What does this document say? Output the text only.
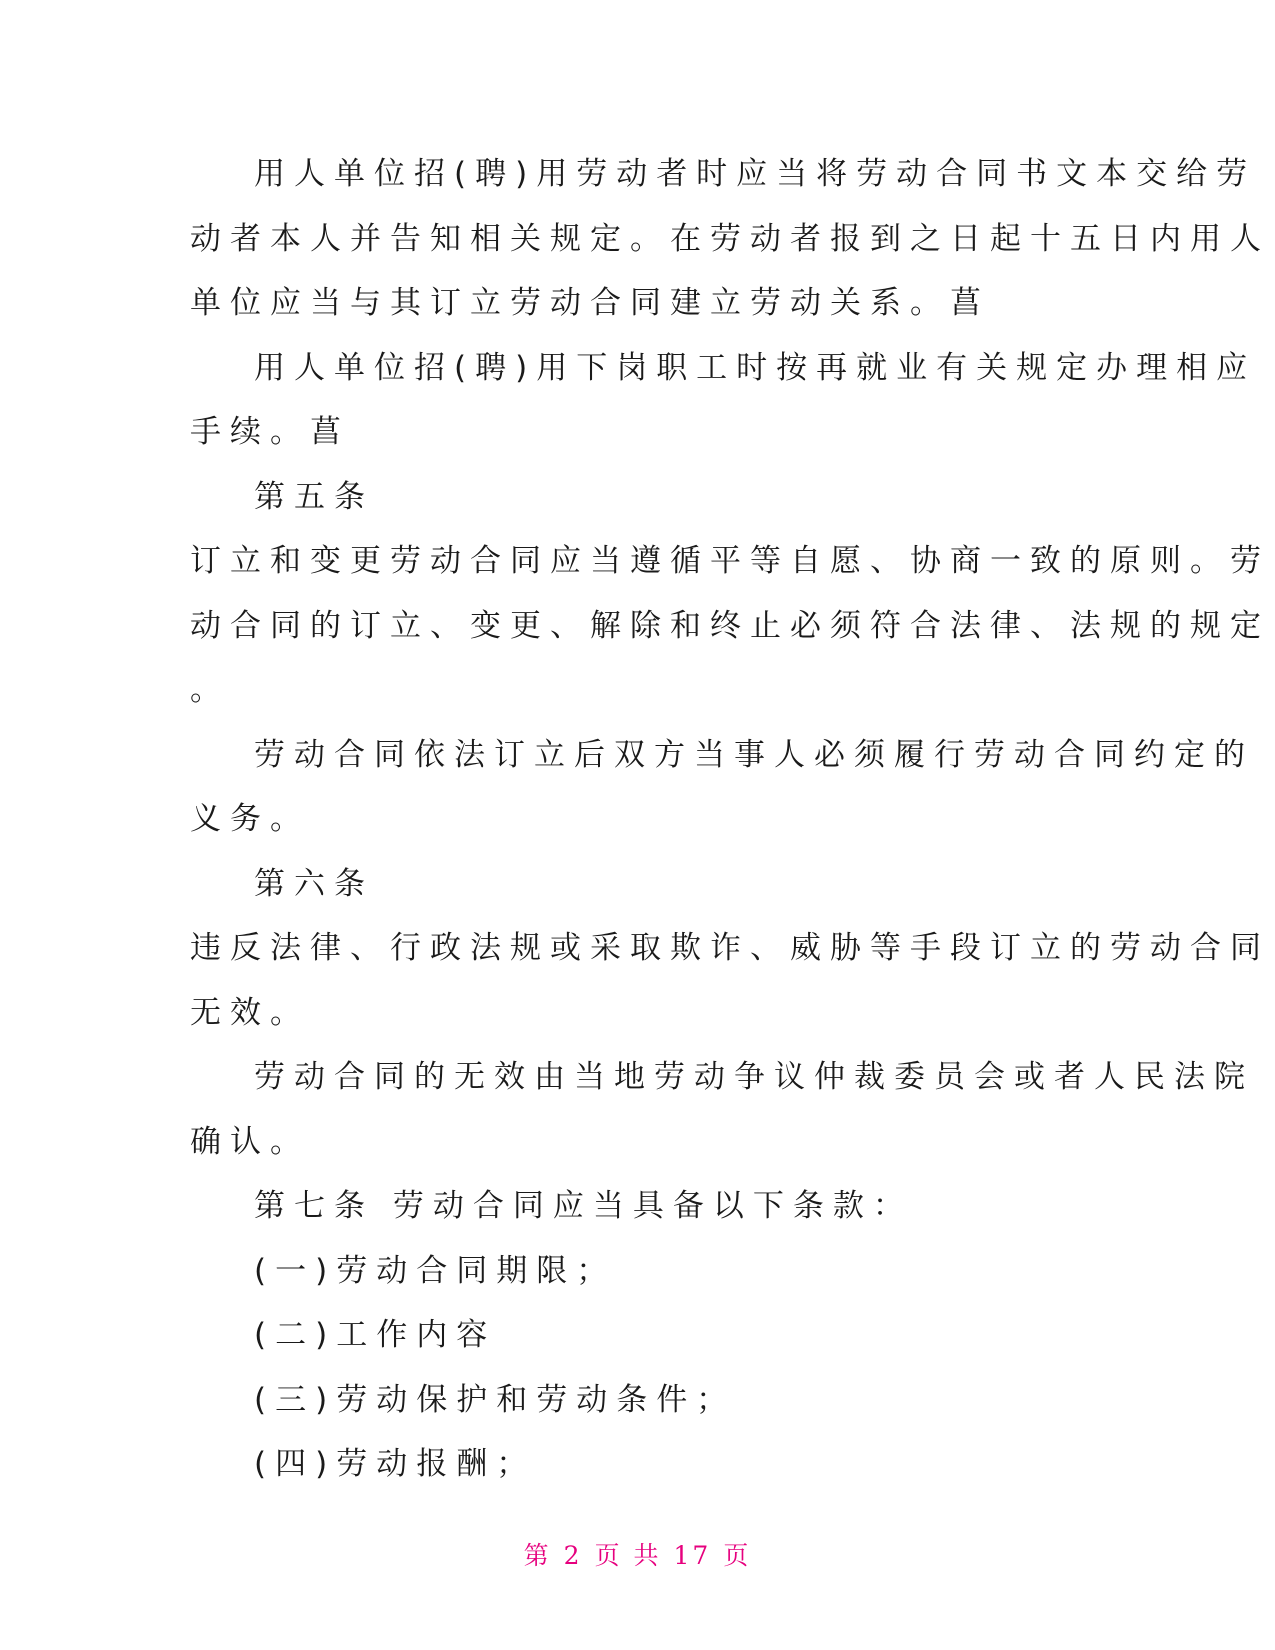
用人单位招(聘)用劳动者时应当将劳动合同书文本交给劳
动者本人并告知相关规定。在劳动者报到之日起十五日内用人
单位应当与其订立劳动合同建立劳动关系。菖
用人单位招(聘)用下岗职工时按再就业有关规定办理相应
手续。菖
第五条
订立和变更劳动合同应当遵循平等自愿、协商一致的原则。劳
动合同的订立、变更、解除和终止必须符合法律、法规的规定
。
劳动合同依法订立后双方当事人必须履行劳动合同约定的
义务。
第六条
违反法律、行政法规或采取欺诈、威胁等手段订立的劳动合同
无效。
劳动合同的无效由当地劳动争议仲裁委员会或者人民法院
确认。
第七条 劳动合同应当具备以下条款：
(一)劳动合同期限；
(二)工作内容
(三)劳动保护和劳动条件；
(四)劳动报酬；
第 2 页 共 17 页
